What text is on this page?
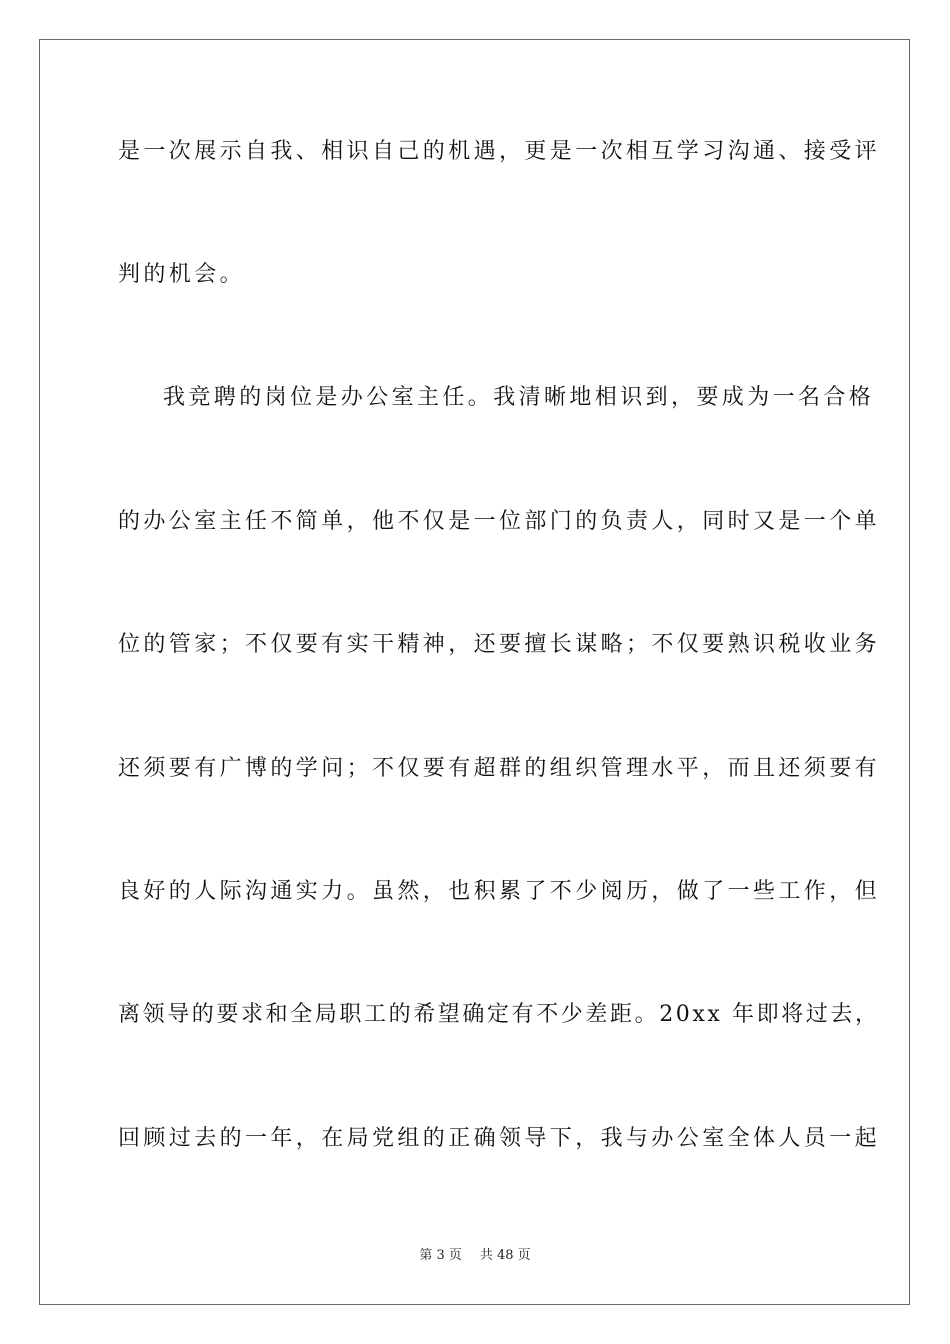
是一次展示自我、相识自己的机遇，更是一次相互学习沟通、接受评
判的机会。
我竞聘的岗位是办公室主任。我清晰地相识到，要成为一名合格
的办公室主任不简单，他不仅是一位部门的负责人，同时又是一个单
位的管家；不仅要有实干精神，还要擅长谋略；不仅要熟识税收业务
还须要有广博的学问；不仅要有超群的组织管理水平，而且还须要有
良好的人际沟通实力。虽然，也积累了不少阅历，做了一些工作，但
离领导的要求和全局职工的希望确定有不少差距。20xx 年即将过去，
回顾过去的一年，在局党组的正确领导下，我与办公室全体人员一起
第 3 页 共 48 页
